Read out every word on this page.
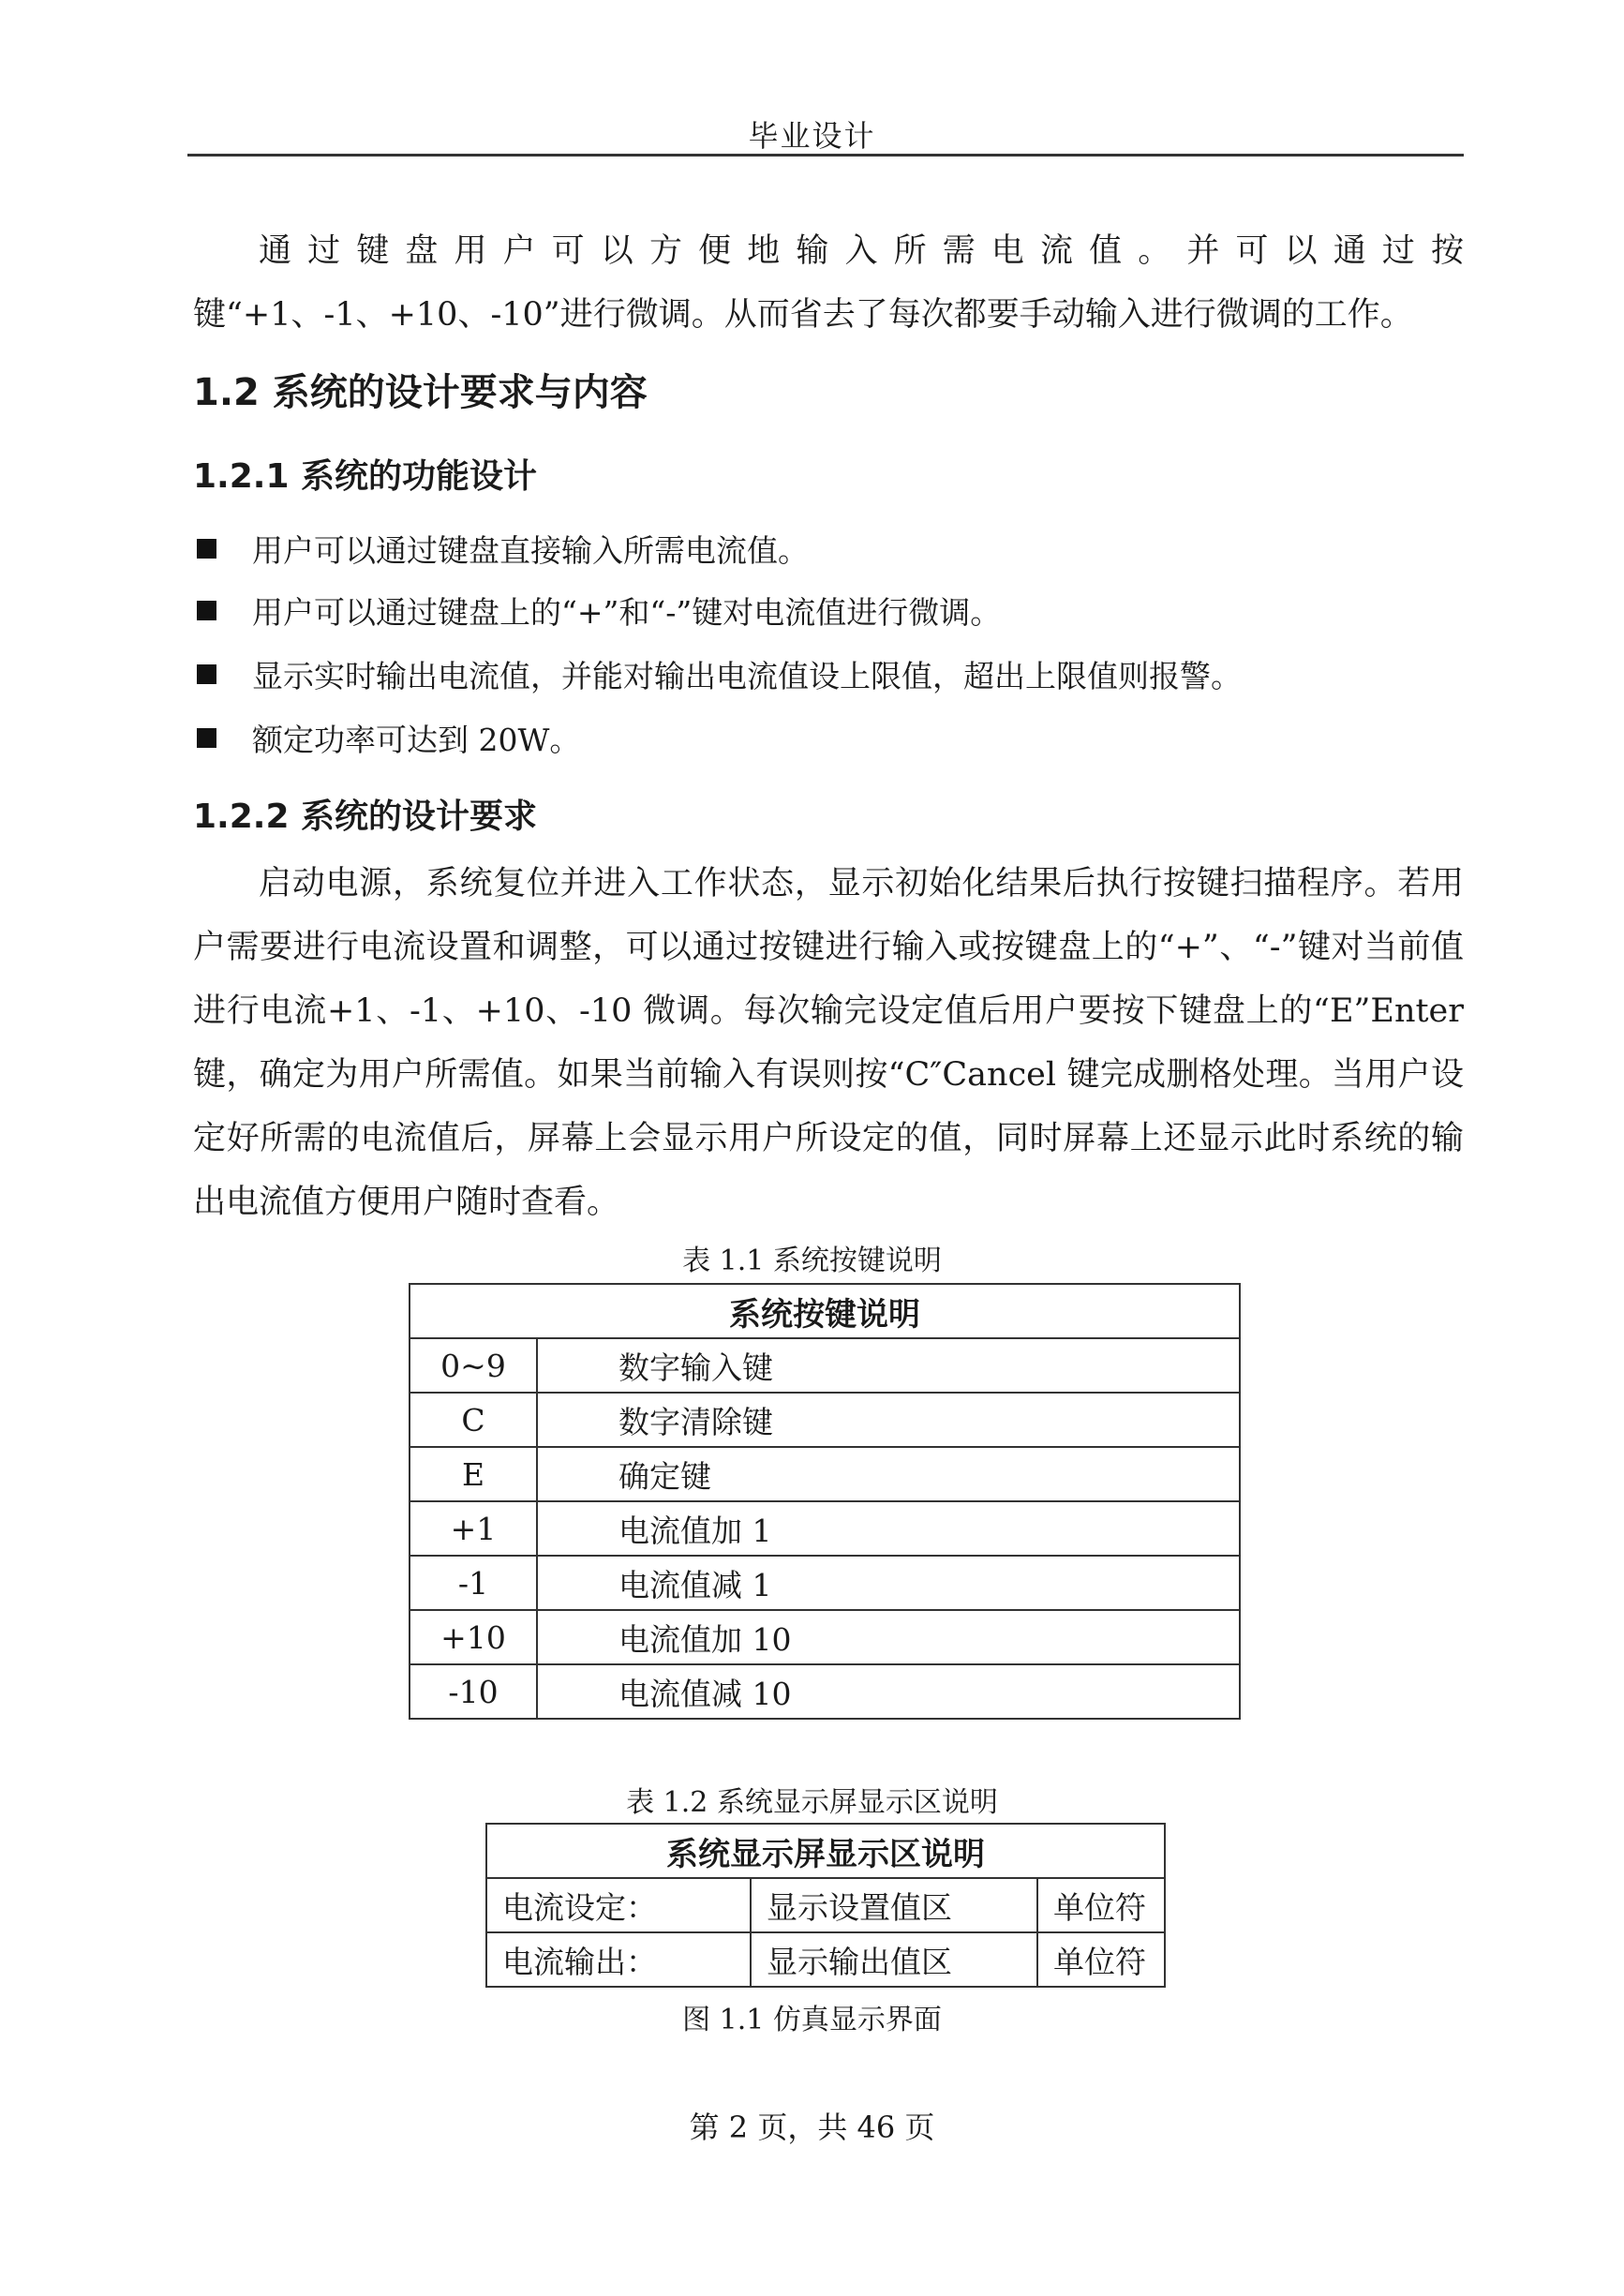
毕业设计
通过键盘用户可以方便地输入所需电流值。并可以通过按键“+1、-1、+10、-10”进行微调。从而省去了每次都要手动输入进行微调的工作。
1.2 系统的设计要求与内容
1.2.1 系统的功能设计
用户可以通过键盘直接输入所需电流值。
用户可以通过键盘上的“+”和“-”键对电流值进行微调。
显示实时输出电流值，并能对输出电流值设上限值，超出上限值则报警。
额定功率可达到 20W。
1.2.2 系统的设计要求
启动电源，系统复位并进入工作状态，显示初始化结果后执行按键扫描程序。若用户需要进行电流设置和调整，可以通过按键进行输入或按键盘上的“+”、“-”键对当前值进行电流+1、-1、+10、-10 微调。每次输完设定值后用户要按下键盘上的“E”Enter 键，确定为用户所需值。如果当前输入有误则按“C″Cancel 键完成删格处理。当用户设定好所需的电流值后，屏幕上会显示用户所设定的值，同时屏幕上还显示此时系统的输出电流值方便用户随时查看。
表 1.1 系统按键说明
系统按键说明	
0~9	数字输入键
C	数字清除键
E	确定键
+1	电流值加 1
-1	电流值减 1
+10	电流值加 10
-10	电流值减 10
表 1.2 系统显示屏显示区说明
系统显示屏显示区说明		
电流设定：	显示设置值区	单位符
电流输出：	显示输出值区	单位符
图 1.1 仿真显示界面
第 2 页，共 46 页
